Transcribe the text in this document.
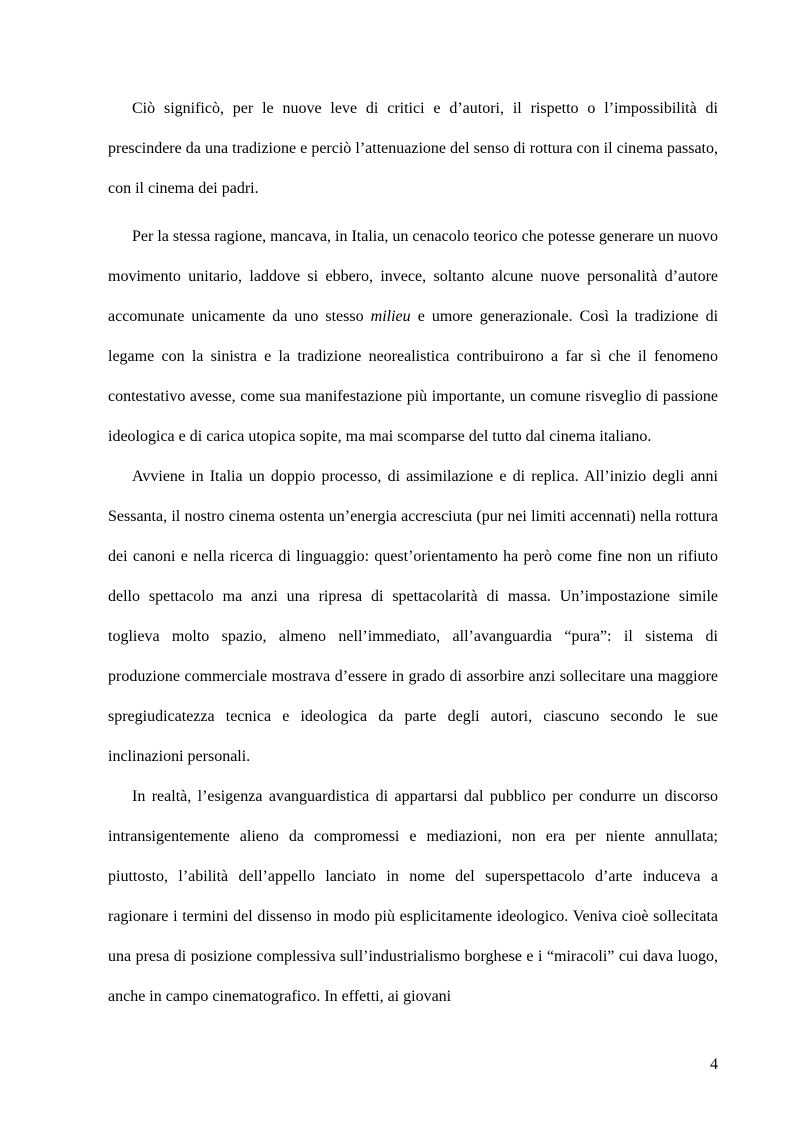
Ciò significò, per le nuove leve di critici e d’autori, il rispetto o l’impossibilità di prescindere da una tradizione e perciò l’attenuazione del senso di rottura con il cinema passato, con il cinema dei padri.

Per la stessa ragione, mancava, in Italia, un cenacolo teorico che potesse generare un nuovo movimento unitario, laddove si ebbero, invece, soltanto alcune nuove personalità d’autore accomunate unicamente da uno stesso milieu e umore generazionale. Così la tradizione di legame con la sinistra e la tradizione neorealistica contribuirono a far sì che il fenomeno contestativo avesse, come sua manifestazione più importante, un comune risveglio di passione ideologica e di carica utopica sopite, ma mai scomparse del tutto dal cinema italiano.

Avviene in Italia un doppio processo, di assimilazione e di replica. All’inizio degli anni Sessanta, il nostro cinema ostenta un’energia accresciuta (pur nei limiti accennati) nella rottura dei canoni e nella ricerca di linguaggio: quest’orientamento ha però come fine non un rifiuto dello spettacolo ma anzi una ripresa di spettacolarità di massa. Un’impostazione simile toglieva molto spazio, almeno nell’immediato, all’avanguardia “pura”: il sistema di produzione commerciale mostrava d’essere in grado di assorbire anzi sollecitare una maggiore spregiudicatezza tecnica e ideologica da parte degli autori, ciascuno secondo le sue inclinazioni personali.

In realtà, l’esigenza avanguardistica di appartarsi dal pubblico per condurre un discorso intransigentemente alieno da compromessi e mediazioni, non era per niente annullata; piuttosto, l’abilità dell’appello lanciato in nome del superspettacolo d’arte induceva a ragionare i termini del dissenso in modo più esplicitamente ideologico. Veniva cioè sollecitata una presa di posizione complessiva sull’industrialismo borghese e i “miracoli” cui dava luogo, anche in campo cinematografico. In effetti, ai giovani

4
